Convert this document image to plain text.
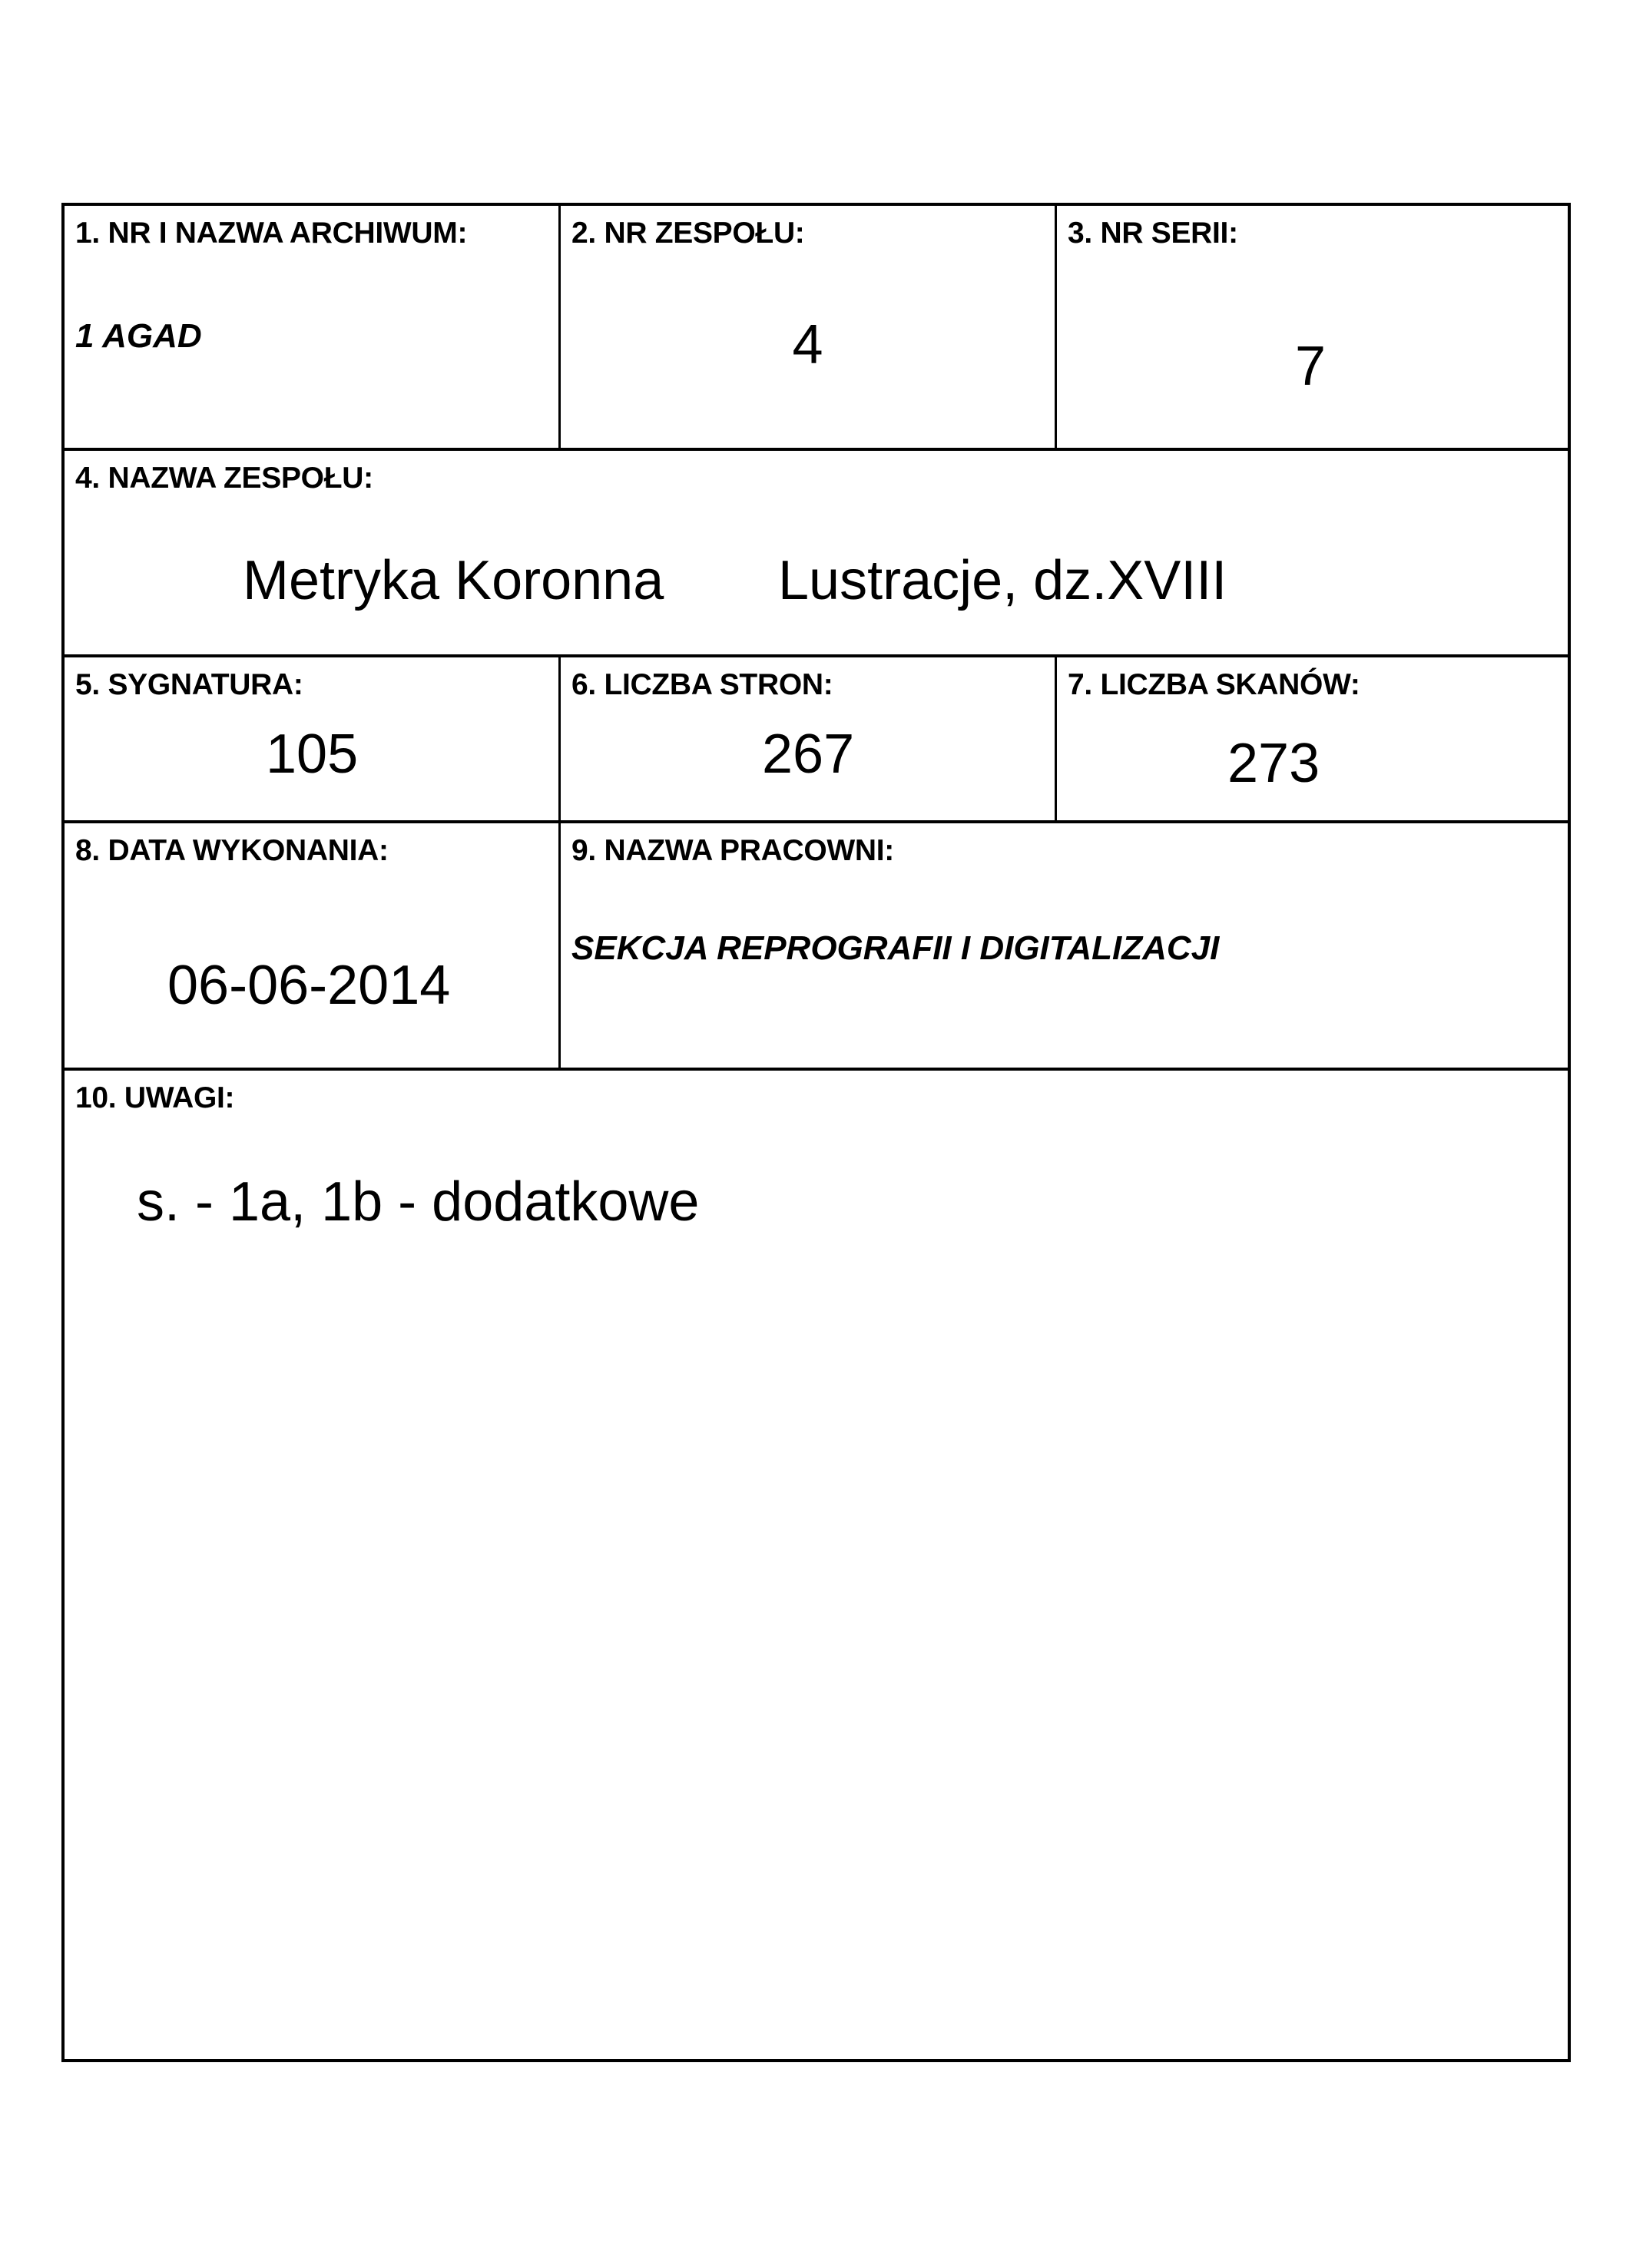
1. NR I NAZWA ARCHIWUM:
1 AGAD
2. NR ZESPOŁU:
4
3. NR SERII:
7
4. NAZWA ZESPOŁU:
Metryka Koronna Lustracje, dz.XVIII
5. SYGNATURA:
105
6. LICZBA STRON:
267
7. LICZBA SKANÓW:
273
8. DATA WYKONANIA:
06-06-2014
9. NAZWA PRACOWNI:
SEKCJA REPROGRAFII I DIGITALIZACJI
10. UWAGI:
s. - 1a, 1b - dodatkowe
